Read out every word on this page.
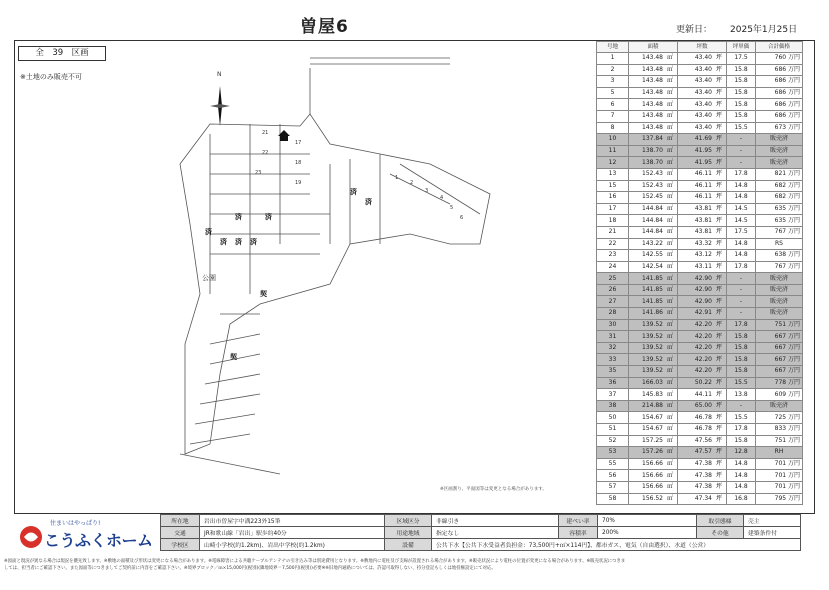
曽屋6	更新日： 2025年1月25日
全　39　区画
※土地のみ販売不可
21
22
23
17
18
19
1
2
3
4
5
6
済	済
済
済 済 済
済
済
契
契
公園
N
※区画割り、平面図等は変更となる場合があります。
号地	面積		坪数		坪単価	合計価格
1	143.48	㎡	43.40	坪	17.5	760 万円
2	143.48	㎡	43.40	坪	15.8	686 万円
3	143.48	㎡	43.40	坪	15.8	686 万円
5	143.48	㎡	43.40	坪	15.8	686 万円
6	143.48	㎡	43.40	坪	15.8	686 万円
7	143.48	㎡	43.40	坪	15.8	686 万円
8	143.48	㎡	43.40	坪	15.5	673 万円
10	137.84	㎡	41.69	坪	-	販売済
11	138.70	㎡	41.95	坪	-	販売済
12	138.70	㎡	41.95	坪	-	販売済
13	152.43	㎡	46.11	坪	17.8	821 万円
15	152.43	㎡	46.11	坪	14.8	682 万円
16	152.45	㎡	46.11	坪	14.8	682 万円
17	144.84	㎡	43.81	坪	14.5	635 万円
18	144.84	㎡	43.81	坪	14.5	635 万円
21	144.84	㎡	43.81	坪	17.5	767 万円
22	143.22	㎡	43.32	坪	14.8	RS
23	142.55	㎡	43.12	坪	14.8	638 万円
24	142.54	㎡	43.11	坪	17.8	767 万円
25	141.85	㎡	42.90	坪	-	販売済
26	141.85	㎡	42.90	坪	-	販売済
27	141.85	㎡	42.90	坪	-	販売済
28	141.86	㎡	42.91	坪	-	販売済
30	139.52	㎡	42.20	坪	17.8	751 万円
31	139.52	㎡	42.20	坪	15.8	667 万円
32	139.52	㎡	42.20	坪	15.8	667 万円
33	139.52	㎡	42.20	坪	15.8	667 万円
35	139.52	㎡	42.20	坪	15.8	667 万円
36	166.03	㎡	50.22	坪	15.5	778 万円
37	145.83	㎡	44.11	坪	13.8	609 万円
38	214.88	㎡	65.00	坪	-	販売済
50	154.67	㎡	46.78	坪	15.5	725 万円
51	154.67	㎡	46.78	坪	17.8	833 万円
52	157.25	㎡	47.56	坪	15.8	751 万円
53	157.26	㎡	47.57	坪	12.8	RH
55	156.66	㎡	47.38	坪	14.8	701 万円
56	156.66	㎡	47.38	坪	14.8	701 万円
57	156.66	㎡	47.38	坪	14.8	701 万円
58	156.52	㎡	47.34	坪	16.8	795 万円
住まいはやっぱり!
こうふくホーム
所在地	岩出市曽屋字中溝223外15筆	区域区分	非線引き	建ぺい率	70%	取引態様	売主
交通	JR和歌山線「岩出」駅歩約40分	用途地域	指定なし	容積率	200%	その他	建築条件付
学校区	山崎小学校(約1.2km)、岩出中学校(約1.2km)	設備	公共下水【公共下水受益者負担金：73,500円+㎡×114円】、都市ガス、電気（自由選択）、水道（公営）				
※図面と現況が異なる場合は現況を優先致します。※敷地の面積及び形状は変更になる場合があります。※電線障害による共聴ケーブルアンテナの引き込み等は別途費用となります。※敷地内に電柱及び支線が設置される場合があります。※販売状況により電柱の位置が変更になる場合があります。※販売状況につきま
しては、担当者にご確認下さい。また図面等につきましてご契約前に内容をご確認下さい。※境界ブロック／ｍ×15,000円(税別)(隣地境界＝7,500円(税別))必要※※旧地内通路については、許認可取得しない、持分登記もしくは地役権設定にて対応。
